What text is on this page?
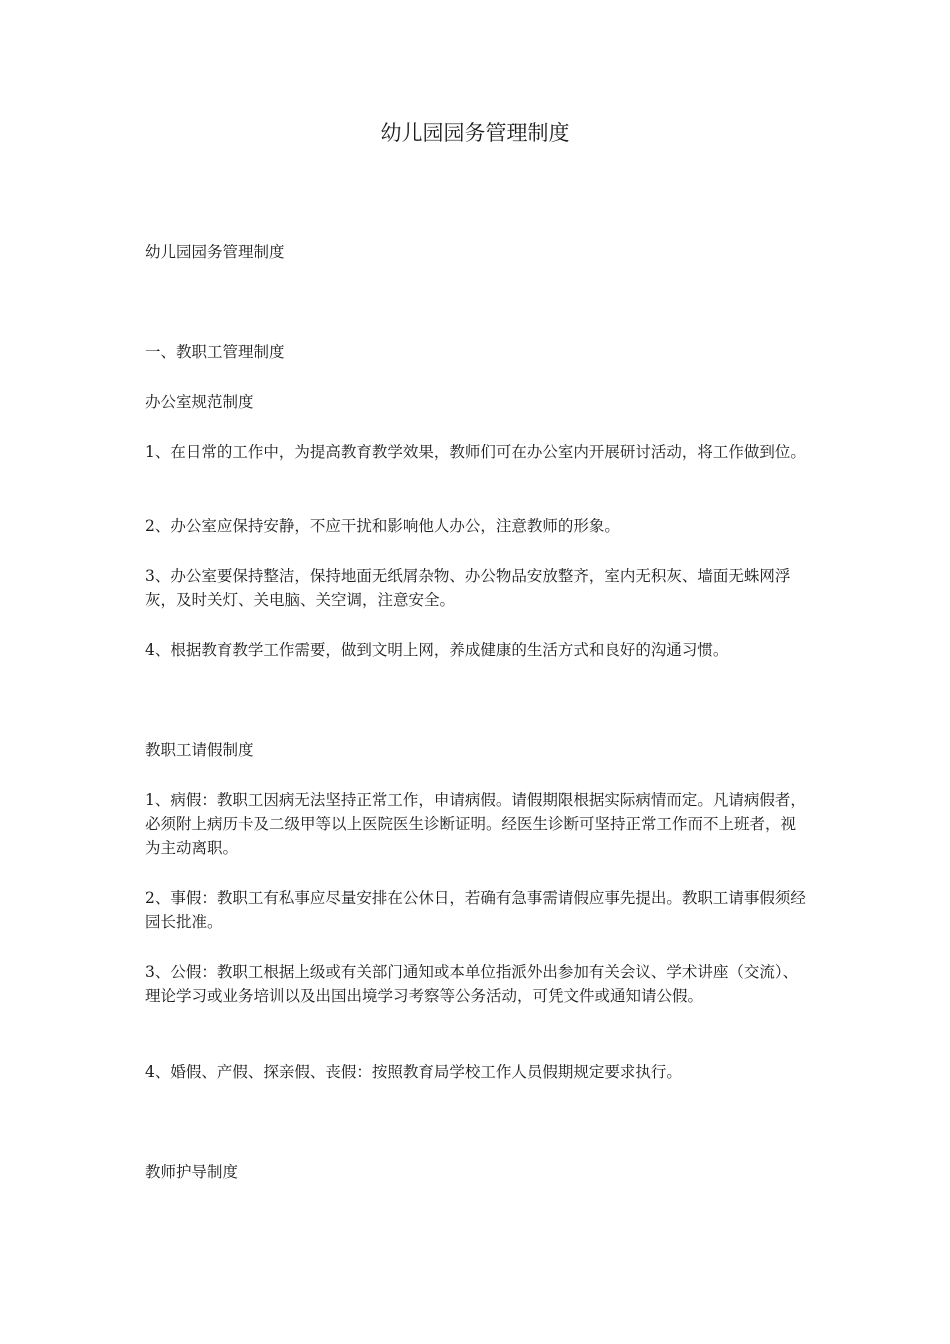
幼儿园园务管理制度

幼儿园园务管理制度

一、教职工管理制度

办公室规范制度

1、在日常的工作中，为提高教育教学效果，教师们可在办公室内开展研讨活动，将工作做到位。

2、办公室应保持安静，不应干扰和影响他人办公，注意教师的形象。

3、办公室要保持整洁，保持地面无纸屑杂物、办公物品安放整齐，室内无积灰、墙面无蛛网浮灰，及时关灯、关电脑、关空调，注意安全。

4、根据教育教学工作需要，做到文明上网，养成健康的生活方式和良好的沟通习惯。

教职工请假制度

1、病假：教职工因病无法坚持正常工作，申请病假。请假期限根据实际病情而定。凡请病假者，必须附上病历卡及二级甲等以上医院医生诊断证明。经医生诊断可坚持正常工作而不上班者，视为主动离职。

2、事假：教职工有私事应尽量安排在公休日，若确有急事需请假应事先提出。教职工请事假须经园长批准。

3、公假：教职工根据上级或有关部门通知或本单位指派外出参加有关会议、学术讲座（交流）、理论学习或业务培训以及出国出境学习考察等公务活动，可凭文件或通知请公假。

4、婚假、产假、探亲假、丧假：按照教育局学校工作人员假期规定要求执行。

教师护导制度
